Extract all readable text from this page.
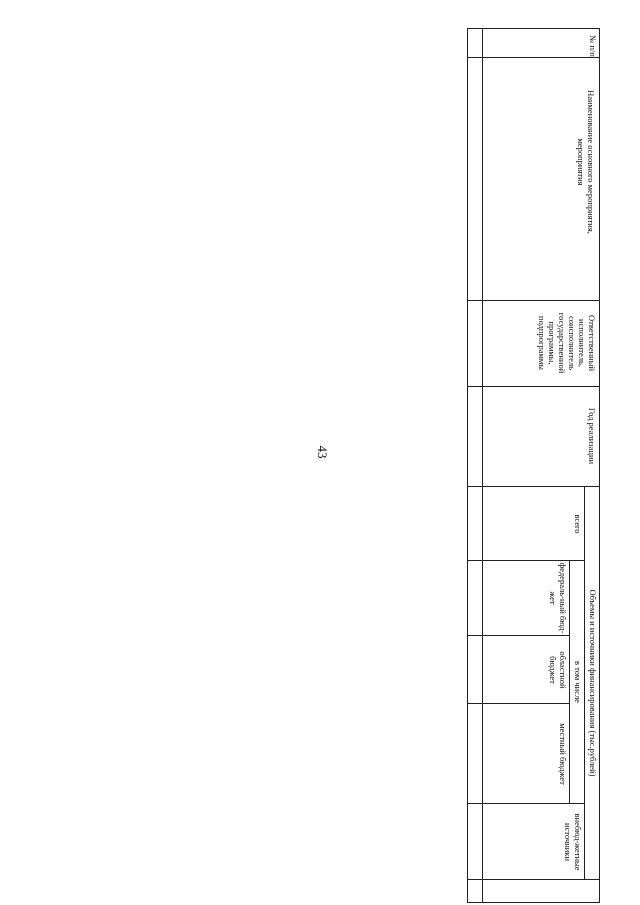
43
№ п/п
Наименование основного мероприятия, мероприятия
Ответственный исполнитель, соисполнитель государственной программы, подпрограммы
Год реализации
Объемы и источники финансирования (тыс.рублей)
всего
в том числе
федераль-ный бюд-жет
областной бюджет
местный бюджет
внебюд-жетные источники
